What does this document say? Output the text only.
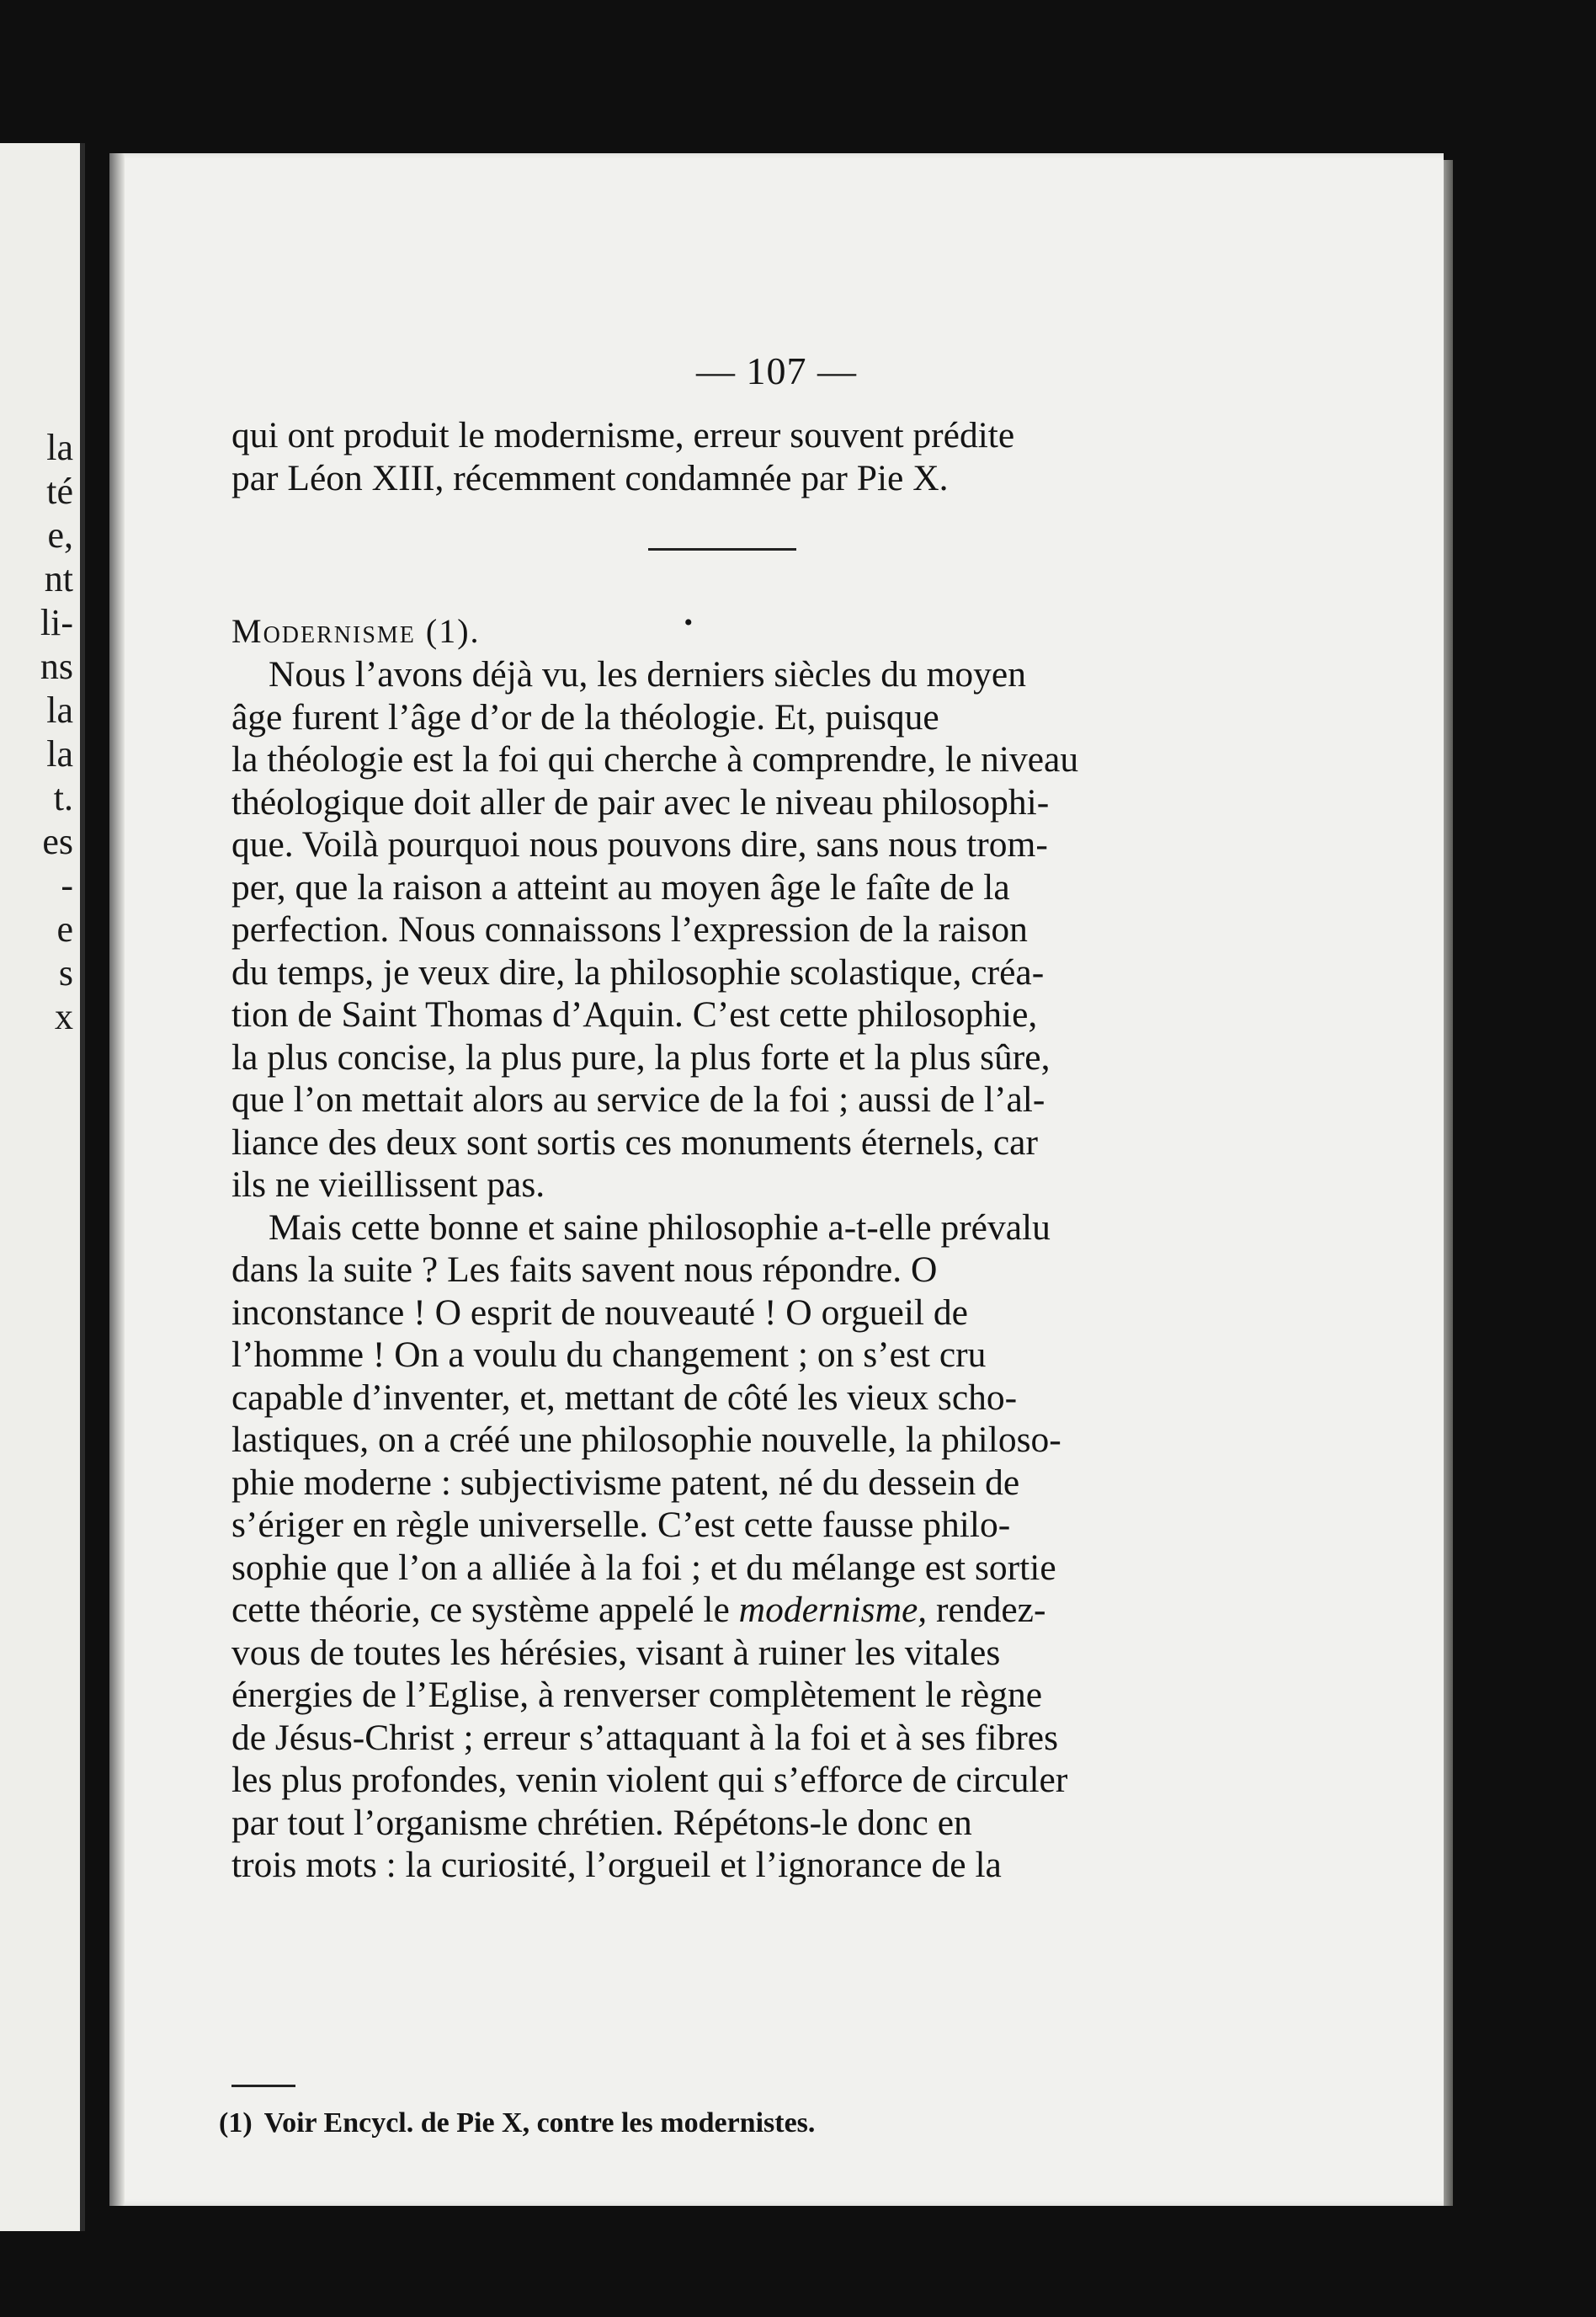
la
té
e,
nt
li-
ns
la
la
t.
es
-
e
s
x
— 107 —

qui ont produit le modernisme, erreur souvent prédite

par Léon XIII, récemment condamnée par Pie X.

Modernisme (1).	•

Nous l’avons déjà vu, les derniers siècles du moyen

âge furent l’âge d’or de la théologie. Et, puisque

la théologie est la foi qui cherche à comprendre, le niveau

théologique doit aller de pair avec le niveau philosophi-

que. Voilà pourquoi nous pouvons dire, sans nous trom-

per, que la raison a atteint au moyen âge le faîte de la

perfection. Nous connaissons l’expression de la raison

du temps, je veux dire, la philosophie scolastique, créa-

tion de Saint Thomas d’Aquin. C’est cette philosophie,

la plus concise, la plus pure, la plus forte et la plus sûre,

que l’on mettait alors au service de la foi ; aussi de l’al-

liance des deux sont sortis ces monuments éternels, car

ils ne vieillissent pas.

Mais cette bonne et saine philosophie a-t-elle prévalu

dans la suite ? Les faits savent nous répondre. O

inconstance ! O esprit de nouveauté ! O orgueil de

l’homme ! On a voulu du changement ; on s’est cru

capable d’inventer, et, mettant de côté les vieux scho-

lastiques, on a créé une philosophie nouvelle, la philoso-

phie moderne : subjectivisme patent, né du dessein de

s’ériger en règle universelle. C’est cette fausse philo-

sophie que l’on a alliée à la foi ; et du mélange est sortie

cette théorie, ce système appelé le modernisme, rendez-

vous de toutes les hérésies, visant à ruiner les vitales

énergies de l’Eglise, à renverser complètement le règne

de Jésus-Christ ; erreur s’attaquant à la foi et à ses fibres

les plus profondes, venin violent qui s’efforce de circuler

par tout l’organisme chrétien. Répétons-le donc en

trois mots : la curiosité, l’orgueil et l’ignorance de la

(1) Voir Encycl. de Pie X, contre les modernistes.
